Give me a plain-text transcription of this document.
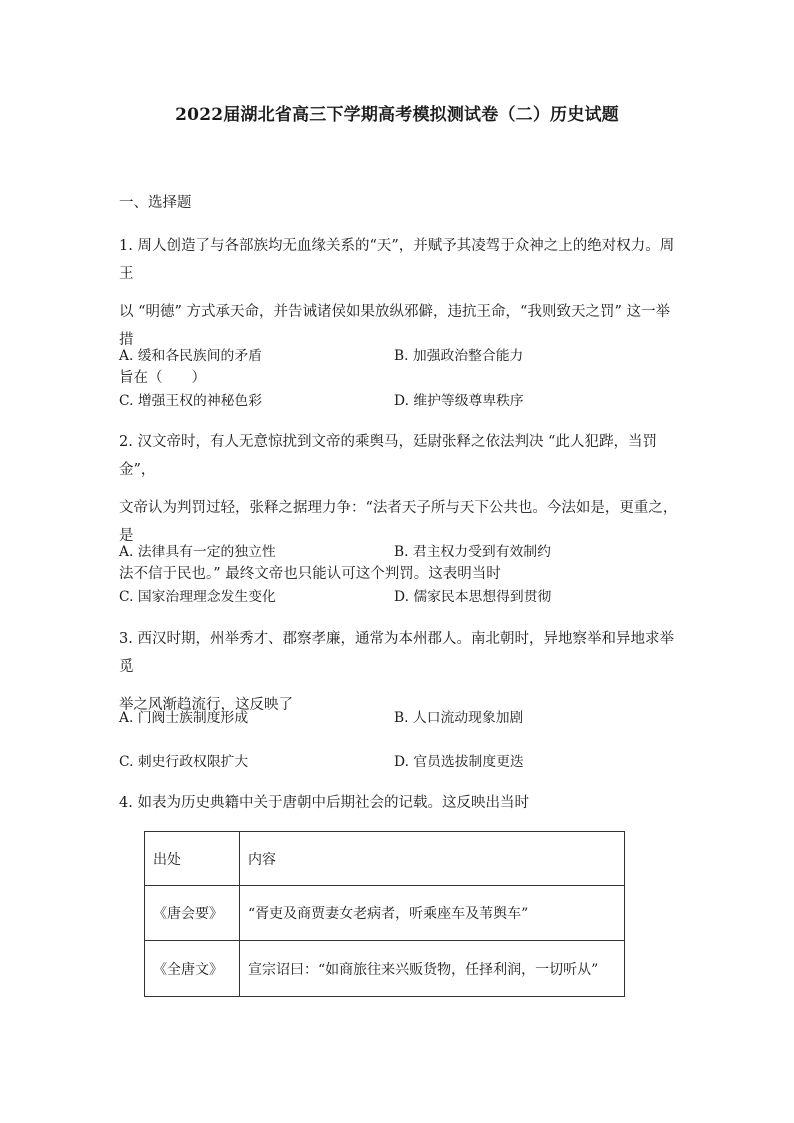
2022届湖北省高三下学期高考模拟测试卷（二）历史试题
一、选择题
1. 周人创造了与各部族均无血缘关系的“天”，并赋予其凌驾于众神之上的绝对权力。周王
以 “明德” 方式承天命，并告诫诸侯如果放纵邪僻，违抗王命，“我则致天之罚” 这一举措
旨在（　　）
A. 缓和各民族间的矛盾	B. 加强政治整合能力
C. 增强王权的神秘色彩	D. 维护等级尊卑秩序
2. 汉文帝时，有人无意惊扰到文帝的乘舆马，廷尉张释之依法判决 “此人犯跸，当罚金”，
文帝认为判罚过轻，张释之据理力争：“法者天子所与天下公共也。今法如是，更重之，是
法不信于民也。” 最终文帝也只能认可这个判罚。这表明当时
A. 法律具有一定的独立性	B. 君主权力受到有效制约
C. 国家治理理念发生变化	D. 儒家民本思想得到贯彻
3. 西汉时期，州举秀才、郡察孝廉，通常为本州郡人。南北朝时，异地察举和异地求举觅
举之风渐趋流行，这反映了
A. 门阀士族制度形成	B. 人口流动现象加剧
C. 刺史行政权限扩大	D. 官员选拔制度更迭
4. 如表为历史典籍中关于唐朝中后期社会的记载。这反映出当时
出处	内容
《唐会要》	“胥吏及商贾妻女老病者，听乘座车及苇舆车”
《全唐文》	宣宗诏曰：“如商旅往来兴贩货物，任择利润，一切听从”
